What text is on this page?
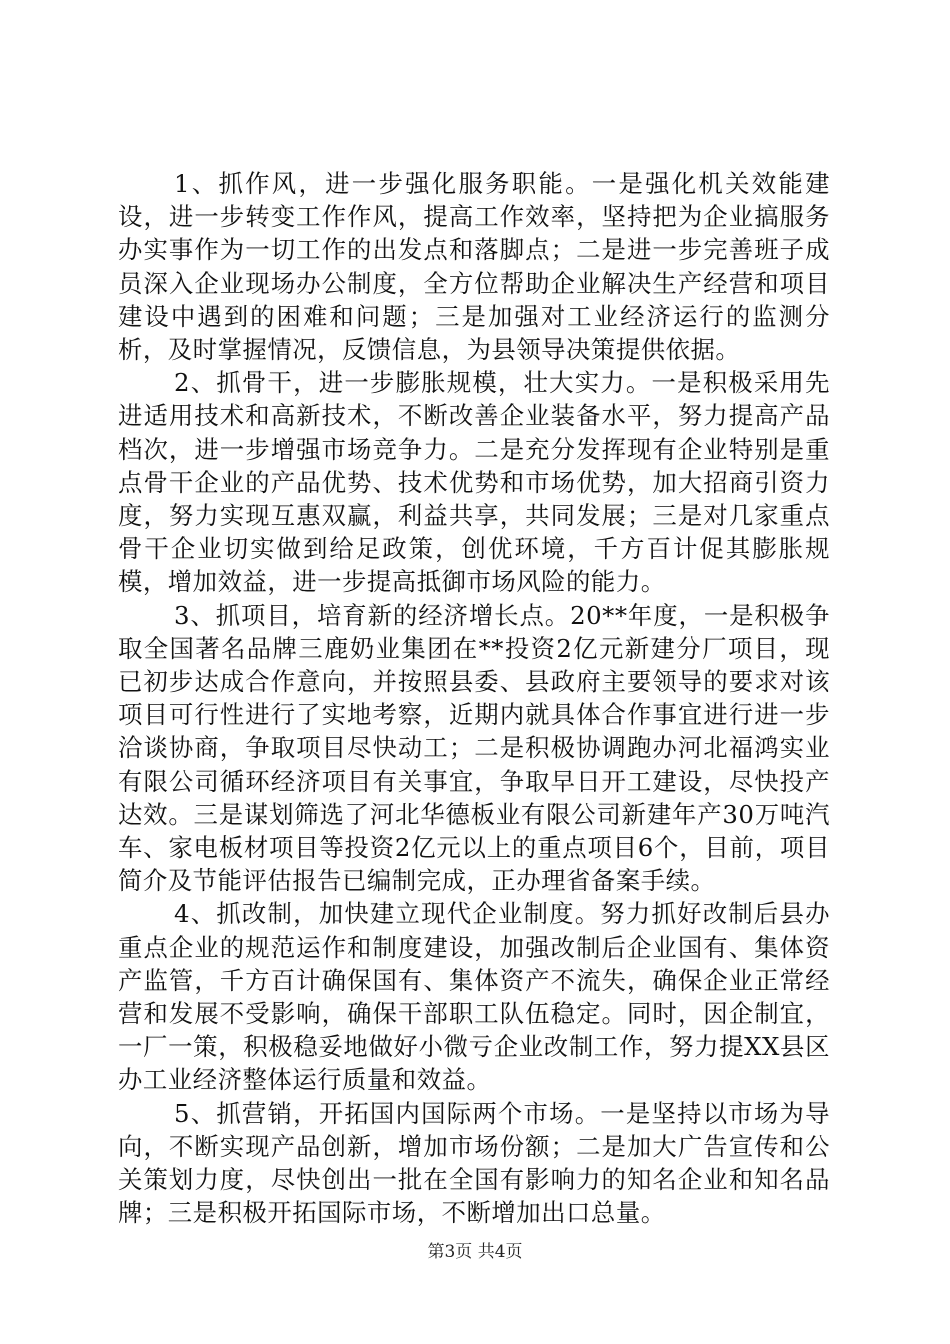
1、抓作风，进一步强化服务职能。一是强化机关效能建设，进一步转变工作作风，提高工作效率，坚持把为企业搞服务办实事作为一切工作的出发点和落脚点；二是进一步完善班子成员深入企业现场办公制度，全方位帮助企业解决生产经营和项目建设中遇到的困难和问题；三是加强对工业经济运行的监测分析，及时掌握情况，反馈信息，为县领导决策提供依据。

2、抓骨干，进一步膨胀规模，壮大实力。一是积极采用先进适用技术和高新技术，不断改善企业装备水平，努力提高产品档次，进一步增强市场竞争力。二是充分发挥现有企业特别是重点骨干企业的产品优势、技术优势和市场优势，加大招商引资力度，努力实现互惠双赢，利益共享，共同发展；三是对几家重点骨干企业切实做到给足政策，创优环境，千方百计促其膨胀规模，增加效益，进一步提高抵御市场风险的能力。

3、抓项目，培育新的经济增长点。20**年度，一是积极争取全国著名品牌三鹿奶业集团在**投资2亿元新建分厂项目，现已初步达成合作意向，并按照县委、县政府主要领导的要求对该项目可行性进行了实地考察，近期内就具体合作事宜进行进一步洽谈协商，争取项目尽快动工；二是积极协调跑办河北福鸿实业有限公司循环经济项目有关事宜，争取早日开工建设，尽快投产达效。三是谋划筛选了河北华德板业有限公司新建年产30万吨汽车、家电板材项目等投资2亿元以上的重点项目6个，目前，项目简介及节能评估报告已编制完成，正办理省备案手续。

4、抓改制，加快建立现代企业制度。努力抓好改制后县办重点企业的规范运作和制度建设，加强改制后企业国有、集体资产监管，千方百计确保国有、集体资产不流失，确保企业正常经营和发展不受影响，确保干部职工队伍稳定。同时，因企制宜，一厂一策，积极稳妥地做好小微亏企业改制工作，努力提XX县区办工业经济整体运行质量和效益。

5、抓营销，开拓国内国际两个市场。一是坚持以市场为导向，不断实现产品创新，增加市场份额；二是加大广告宣传和公关策划力度，尽快创出一批在全国有影响力的知名企业和知名品牌；三是积极开拓国际市场，不断增加出口总量。

第3页 共4页
